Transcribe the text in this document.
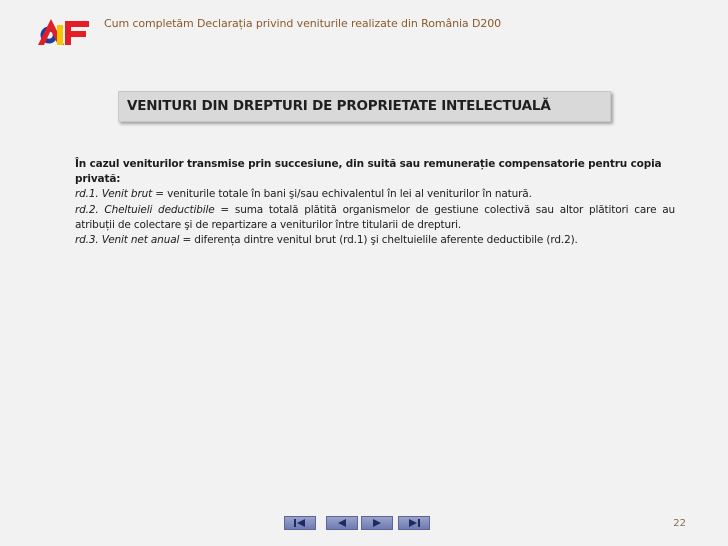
Cum completăm Declarația privind veniturile realizate din România D200
VENITURI DIN DREPTURI DE PROPRIETATE INTELECTUALĂ

În cazul veniturilor transmise prin succesiune, din suită sau remunerație compensatorie pentru copia privată:

rd.1. Venit brut = veniturile totale în bani şi/sau echivalentul în lei al veniturilor în natură.

rd.2. Cheltuieli deductibile = suma totală plătită organismelor de gestiune colectivă sau altor plătitori care au atribuții de colectare şi de repartizare a veniturilor între titularii de drepturi.

rd.3. Venit net anual = diferența dintre venitul brut (rd.1) şi cheltuielile aferente deductibile (rd.2).

22
